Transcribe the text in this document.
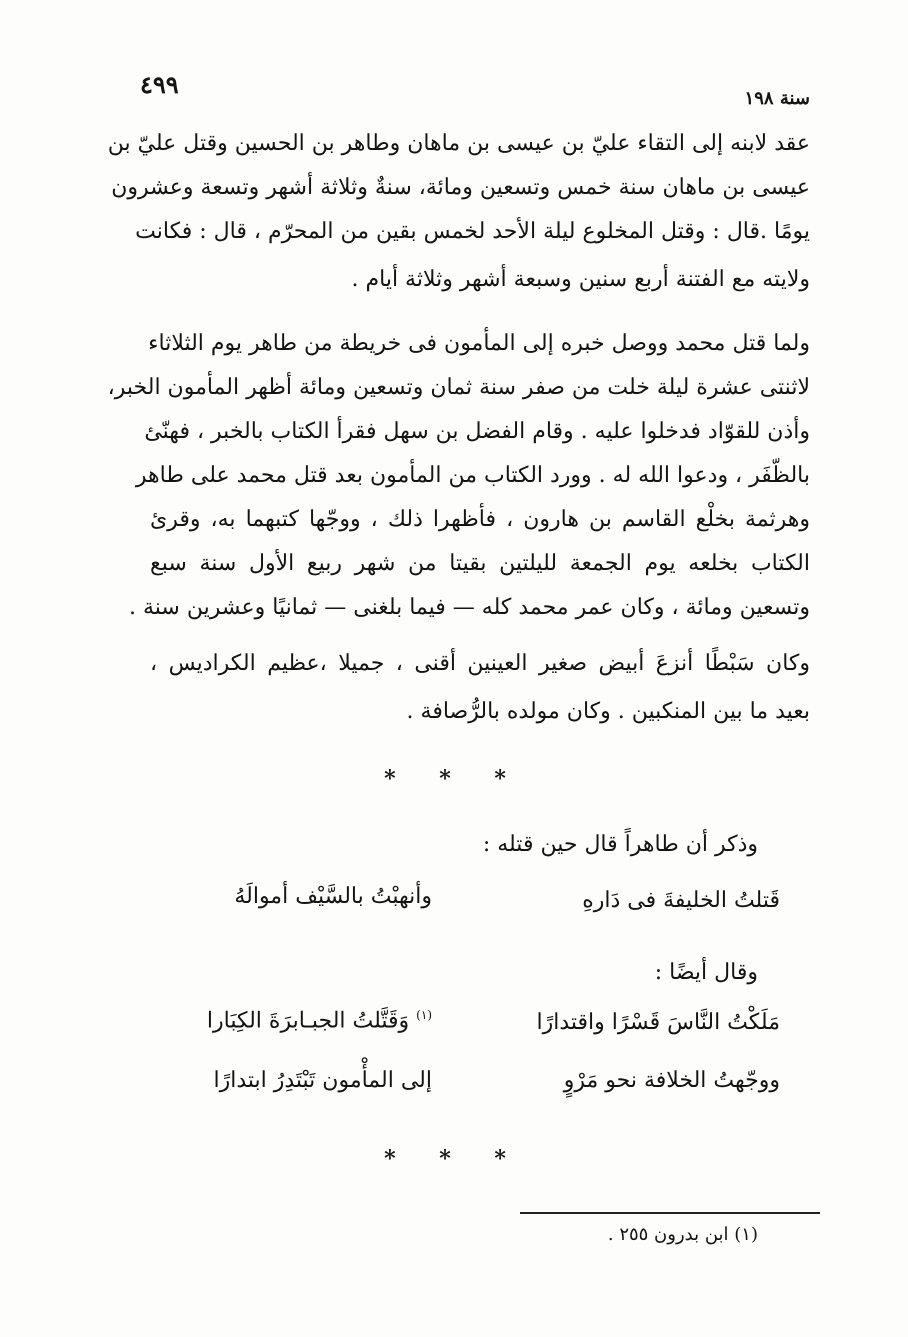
٤٩٩	سنة ١٩٨
عقد لابنه إلى التقاء عليّ بن عيسى بن ماهان وطاهر بن الحسين وقتل عليّ بن
عيسى بن ماهان سنة خمس وتسعين ومائة، سنةٌ وثلاثة أشهر وتسعة وعشرون
يومًا .قال : وقتل المخلوع ليلة الأحد لخمس بقين من المحرّم ، قال : فكانت
ولايته مع الفتنة أربع سنين وسبعة أشهر وثلاثة أيام .
ولما قتل محمد ووصل خبره إلى المأمون فى خريطة من طاهر يوم الثلاثاء
لاثنتى عشرة ليلة خلت من صفر سنة ثمان وتسعين ومائة أظهر المأمون الخبر،
وأذن للقوّاد فدخلوا عليه . وقام الفضل بن سهل فقرأ الكتاب بالخبر ، فهنّئ
بالظّفَر ، ودعوا الله له . وورد الكتاب من المأمون بعد قتل محمد على طاهر
وهرثمة بخلْع القاسم بن هارون ، فأظهرا ذلك ، ووجّها كتبهما به، وقرئ
الكتاب بخلعه يوم الجمعة لليلتين بقيتا من شهر ربيع الأول سنة سبع
وتسعين ومائة ، وكان عمر محمد كله — فيما بلغنى — ثمانيًا وعشرين سنة .
وكان سَبْطًا أنزعَ أبيض صغير العينين أقنى ، جميلا ،عظيم الكراديس ،
بعيد ما بين المنكبين . وكان مولده بالرُّصافة .
* * *
وذكر أن طاهراً قال حين قتله :
قَتلتُ الخليفةَ فى دَارهِ
وأنهبْتُ بالسَّيْف أموالَهُ
وقال أيضًا :
مَلَكْتُ النَّاسَ قَسْرًا واقتدارًا
$^{(١)}$ وَقَتَّلتُ الجبـابرَةَ الكِبَارا
ووجّهتُ الخلافة نحو مَرْوٍ
إلى المأْمون تَبْتَدِرُ ابتدارًا
* * *
(١) ابن بدرون ٢٥٥ .
